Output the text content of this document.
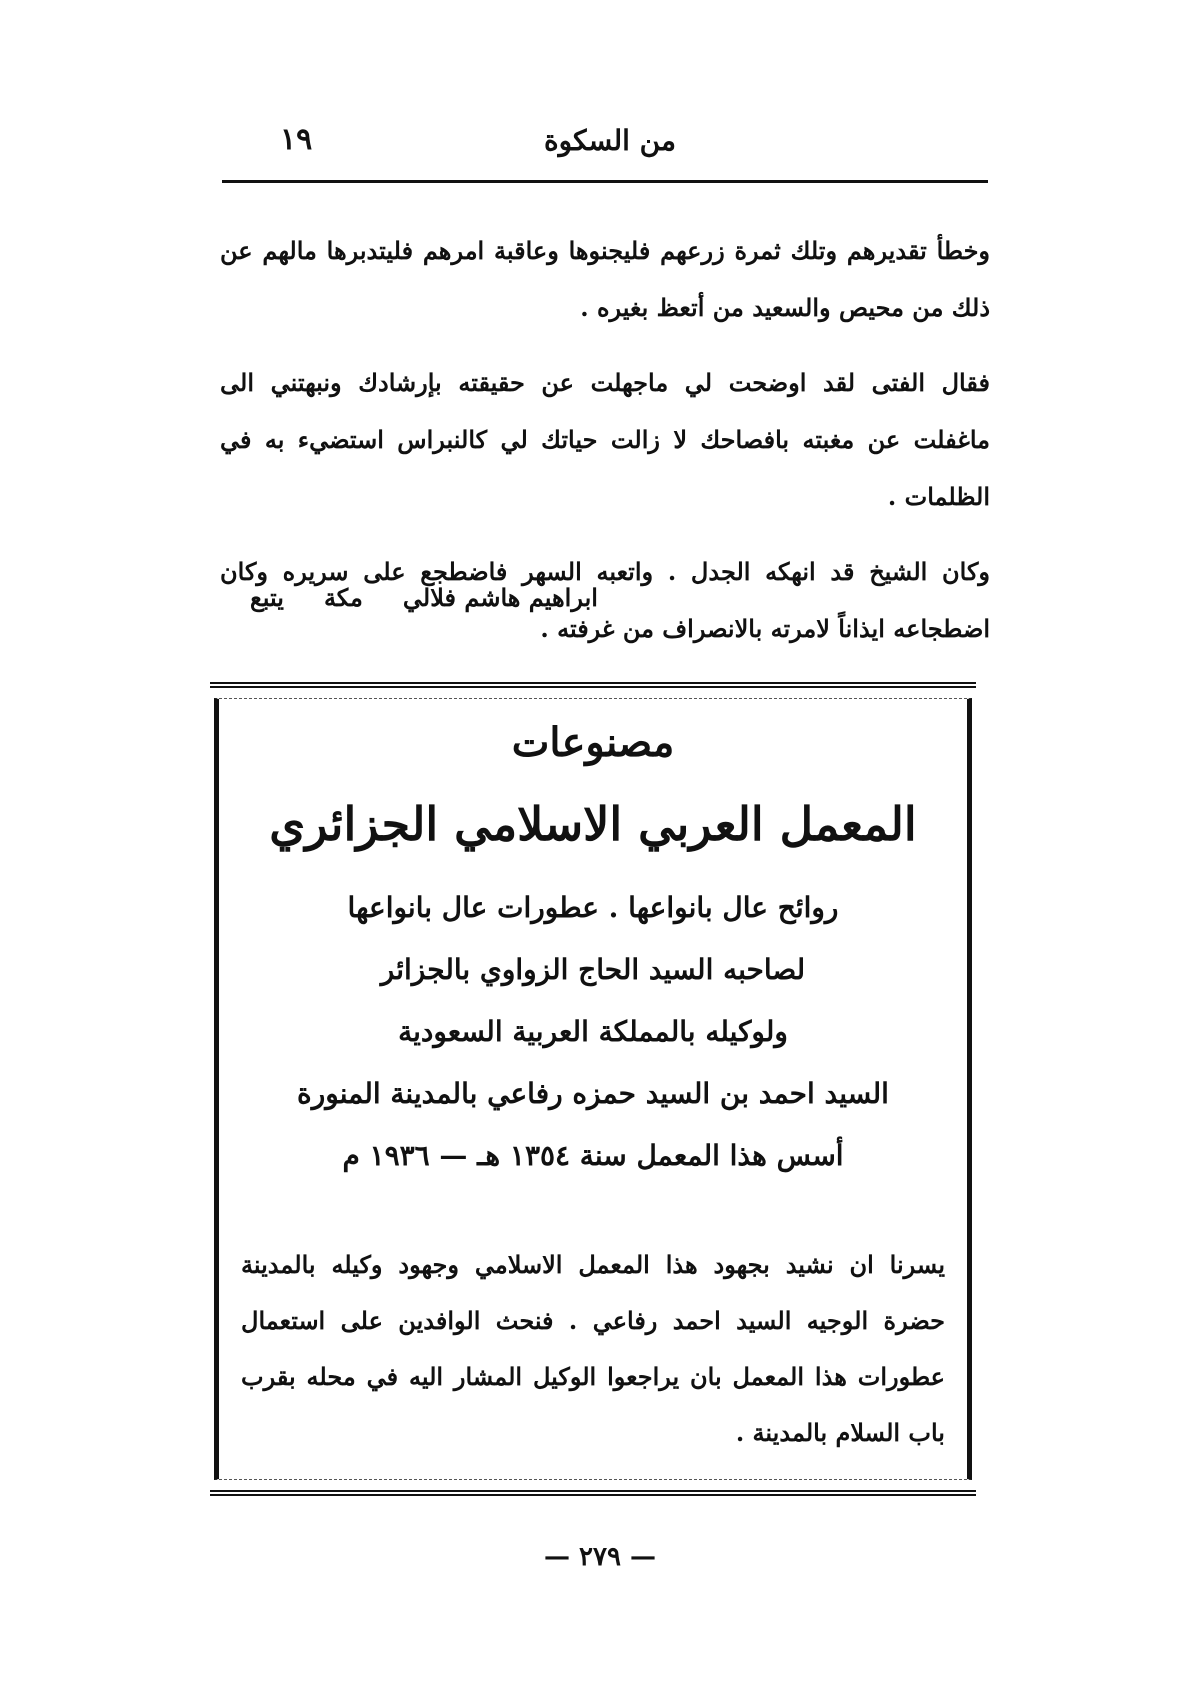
١٩	من السكوة

وخطأ تقديرهم وتلك ثمرة زرعهم فليجنوها وعاقبة امرهم فليتدبرها مالهم عن ذلك من محيص والسعيد من أتعظ بغيره .

فقال الفتى لقد اوضحت لي ماجهلت عن حقيقته بإرشادك ونبهتني الى ماغفلت عن مغبته بافصاحك لا زالت حياتك لي كالنبراس استضيء به في الظلمات .

وكان الشيخ قد انهكه الجدل . واتعبه السهر فاضطجع على سريره وكان اضطجاعه ايذاناً لامرته بالانصراف من غرفته .

يتبع مكة ابراهيم هاشم فلالي

مصنوعات

المعمل العربي الاسلامي الجزائري

روائح عال بانواعها . عطورات عال بانواعها

لصاحبه السيد الحاج الزواوي بالجزائر

ولوكيله بالمملكة العربية السعودية

السيد احمد بن السيد حمزه رفاعي بالمدينة المنورة

أسس هذا المعمل سنة ١٣٥٤ هـ — ١٩٣٦ م

يسرنا ان نشيد بجهود هذا المعمل الاسلامي وجهود وكيله بالمدينة حضرة الوجيه السيد احمد رفاعي . فنحث الوافدين على استعمال عطورات هذا المعمل بان يراجعوا الوكيل المشار اليه في محله بقرب باب السلام بالمدينة .

— ٢٧٩ —
